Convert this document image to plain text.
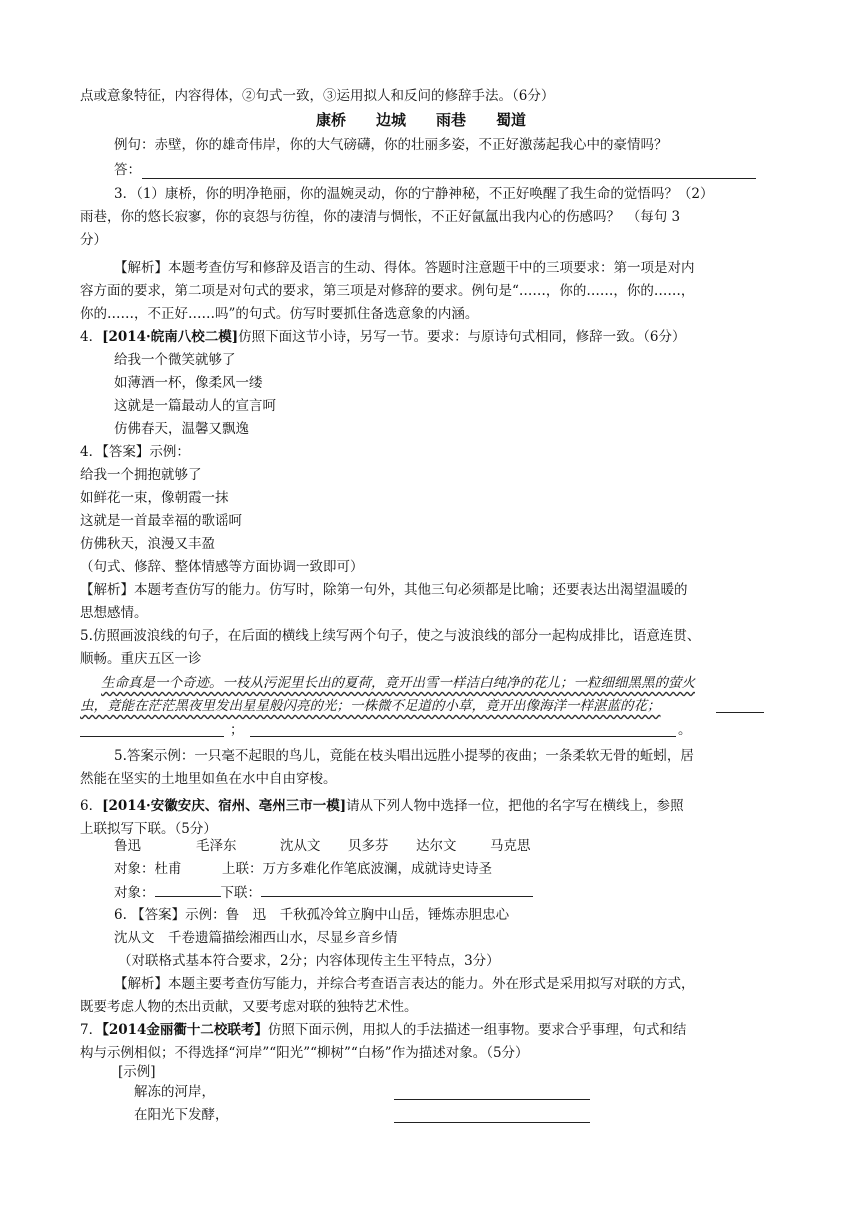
点或意象特征，内容得体，②句式一致，③运用拟人和反问的修辞手法。（6分）
康桥 边城 雨巷 蜀道
例句：赤壁，你的雄奇伟岸，你的大气磅礴，你的壮丽多姿，不正好激荡起我心中的豪情吗？
答：
3．（1）康桥，你的明净艳丽，你的温婉灵动，你的宁静神秘，不正好唤醒了我生命的觉悟吗？（2）
雨巷，你的悠长寂寥，你的哀怨与彷徨，你的凄清与惆怅，不正好氤氲出我内心的伤感吗？　（每句 3
分）
【解析】本题考查仿写和修辞及语言的生动、得体。答题时注意题干中的三项要求：第一项是对内
容方面的要求，第二项是对句式的要求，第三项是对修辞的要求。例句是“……，你的……，你的……，
你的……，不正好……吗”的句式。仿写时要抓住备选意象的内涵。
4．[2014·皖南八校二模]仿照下面这节小诗，另写一节。要求：与原诗句式相同，修辞一致。（6分）
给我一个微笑就够了
如薄酒一杯，像柔风一缕
这就是一篇最动人的宣言呵
仿佛春天，温馨又飘逸
4．【答案】示例：
给我一个拥抱就够了
如鲜花一束，像朝霞一抹
这就是一首最幸福的歌谣呵
仿佛秋天，浪漫又丰盈
（句式、修辞、整体情感等方面协调一致即可）
【解析】本题考查仿写的能力。仿写时，除第一句外，其他三句必须都是比喻；还要表达出渴望温暖的
思想感情。
5.仿照画波浪线的句子，在后面的横线上续写两个句子，使之与波浪线的部分一起构成排比，语意连贯、
顺畅。重庆五区一诊
生命真是一个奇迹。一枝从污泥里长出的夏荷，竟开出雪一样洁白纯净的花儿；一粒细细黑黑的萤火
虫，竟能在茫茫黑夜里发出星星般闪亮的光；一株微不足道的小草，竟开出像海洋一样湛蓝的花；
；	。
5.答案示例：一只毫不起眼的鸟儿，竟能在枝头唱出远胜小提琴的夜曲；一条柔软无骨的蚯蚓，居
然能在坚实的土地里如鱼在水中自由穿梭。
6．[2014·安徽安庆、宿州、亳州三市一模]请从下列人物中选择一位，把他的名字写在横线上，参照
上联拟写下联。（5分）
鲁迅	毛泽东	沈从文 贝多芬 达尔文 马克思
对象：杜甫　　　上联：万方多难化作笔底波澜，成就诗史诗圣
对象：	下联：
6. 【答案】示例：鲁　迅　千秋孤冷耸立胸中山岳，锤炼赤胆忠心
沈从文　千卷遗篇描绘湘西山水，尽显乡音乡情
（对联格式基本符合要求，2分；内容体现传主生平特点，3分）
【解析】本题主要考查仿写能力，并综合考查语言表达的能力。外在形式是采用拟写对联的方式，
既要考虑人物的杰出贡献，又要考虑对联的独特艺术性。
7．【2014金丽衢十二校联考】仿照下面示例，用拟人的手法描述一组事物。要求合乎事理，句式和结
构与示例相似；不得选择“河岸”“阳光”“柳树”“白杨”作为描述对象。（5分）
[示例]
解冻的河岸，
在阳光下发酵，
